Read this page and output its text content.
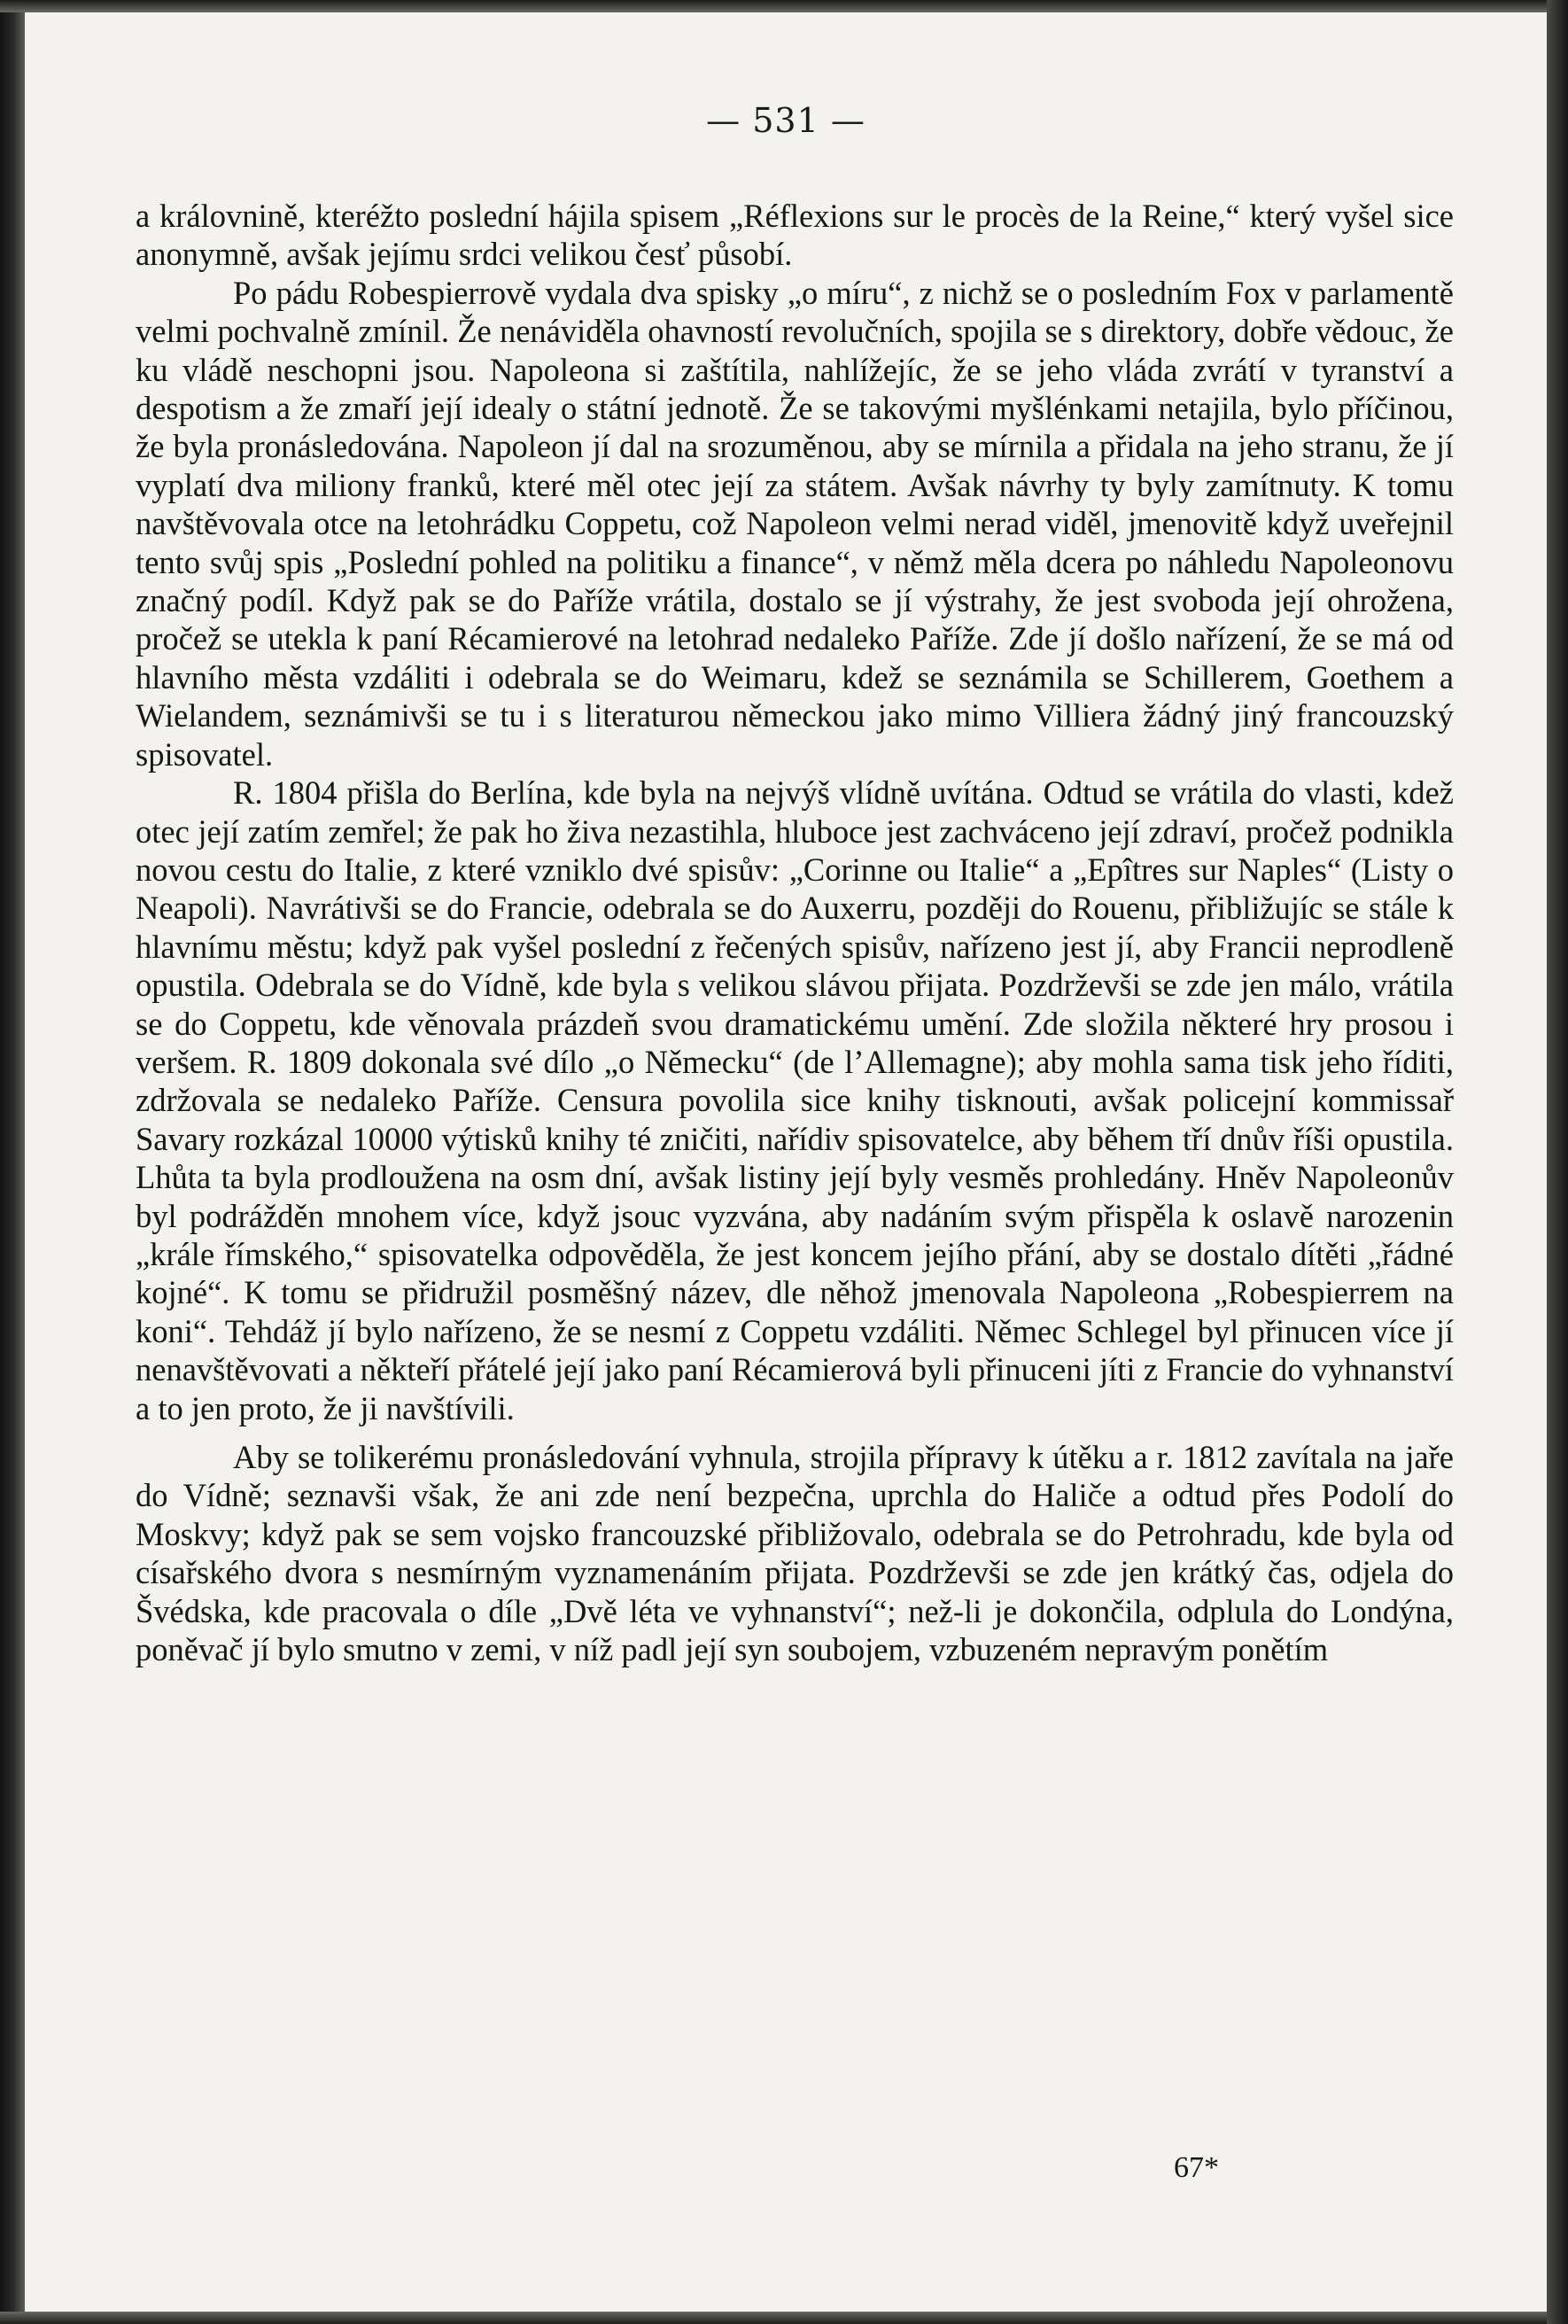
— 531 —

a královnině, kteréžto poslední hájila spisem „Réflexions sur le procès de la Reine,“ který vyšel sice anonymně, avšak jejímu srdci velikou česť působí.

Po pádu Robespierrově vydala dva spisky „o míru“, z nichž se o posledním Fox v parlamentě velmi pochvalně zmínil. Že nenáviděla ohavností revolučních, spojila se s direktory, dobře vědouc, že ku vládě neschopni jsou. Napoleona si zaštítila, nahlížejíc, že se jeho vláda zvrátí v tyranství a despotism a že zmaří její idealy o státní jednotě. Že se takovými myšlénkami netajila, bylo příčinou, že byla pronásledována. Napoleon jí dal na srozuměnou, aby se mírnila a přidala na jeho stranu, že jí vyplatí dva miliony franků, které měl otec její za státem. Avšak návrhy ty byly zamítnuty. K tomu navštěvovala otce na letohrádku Coppetu, což Napoleon velmi nerad viděl, jmenovitě když uveřejnil tento svůj spis „Poslední pohled na politiku a finance“, v němž měla dcera po náhledu Napoleonovu značný podíl. Když pak se do Paříže vrátila, dostalo se jí výstrahy, že jest svoboda její ohrožena, pročež se utekla k paní Récamierové na letohrad nedaleko Paříže. Zde jí došlo nařízení, že se má od hlavního města vzdáliti i odebrala se do Weimaru, kdež se seznámila se Schillerem, Goethem a Wielandem, seznámivši se tu i s literaturou německou jako mimo Villiera žádný jiný francouzský spisovatel.

R. 1804 přišla do Berlína, kde byla na nejvýš vlídně uvítána. Odtud se vrátila do vlasti, kdež otec její zatím zemřel; že pak ho živa nezastihla, hluboce jest zachváceno její zdraví, pročež podnikla novou cestu do Italie, z které vzniklo dvé spisův: „Corinne ou Italie“ a „Epîtres sur Naples“ (Listy o Neapoli). Navrátivši se do Francie, odebrala se do Auxerru, později do Rouenu, přibližujíc se stále k hlavnímu městu; když pak vyšel poslední z řečených spisův, nařízeno jest jí, aby Francii neprodleně opustila. Odebrala se do Vídně, kde byla s velikou slávou přijata. Pozdrževši se zde jen málo, vrátila se do Coppetu, kde věnovala prázdeň svou dramatickému umění. Zde složila některé hry prosou i veršem. R. 1809 dokonala své dílo „o Německu“ (de l’Allemagne); aby mohla sama tisk jeho říditi, zdržovala se nedaleko Paříže. Censura povolila sice knihy tisknouti, avšak policejní kommissař Savary rozkázal 10000 výtisků knihy té zničiti, nařídiv spisovatelce, aby během tří dnův říši opustila. Lhůta ta byla prodloužena na osm dní, avšak listiny její byly vesměs prohledány. Hněv Napoleonův byl podrážděn mnohem více, když jsouc vyzvána, aby nadáním svým přispěla k oslavě narozenin „krále římského,“ spisovatelka odpověděla, že jest koncem jejího přání, aby se dostalo dítěti „řádné kojné“. K tomu se přidružil posměšný název, dle něhož jmenovala Napoleona „Robespierrem na koni“. Tehdáž jí bylo nařízeno, že se nesmí z Coppetu vzdáliti. Němec Schlegel byl přinucen více jí nenavštěvovati a někteří přátelé její jako paní Récamierová byli přinuceni jíti z Francie do vyhnanství a to jen proto, že ji navštívili.

Aby se tolikerému pronásledování vyhnula, strojila přípravy k útěku a r. 1812 zavítala na jaře do Vídně; seznavši však, že ani zde není bezpečna, uprchla do Haliče a odtud přes Podolí do Moskvy; když pak se sem vojsko francouzské přibližovalo, odebrala se do Petrohradu, kde byla od císařského dvora s nesmírným vyznamenáním přijata. Pozdrževši se zde jen krátký čas, odjela do Švédska, kde pracovala o díle „Dvě léta ve vyhnanství“; než-li je dokončila, odplula do Londýna, poněvač jí bylo smutno v zemi, v níž padl její syn soubojem, vzbuzeném nepravým ponětím

67*
